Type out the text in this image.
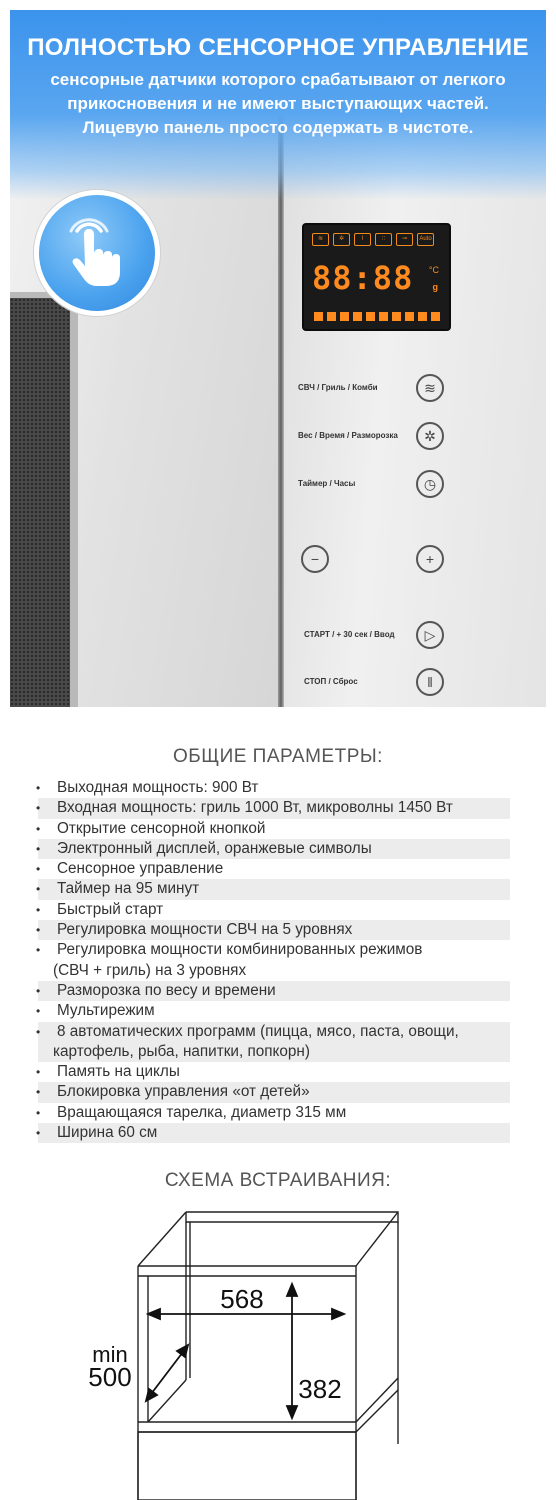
ПОЛНОСТЬЮ СЕНСОРНОЕ УПРАВЛЕНИЕ
сенсорные датчики которого срабатывают от легкого
прикосновения и не имеют выступающих частей.
Лицевую панель просто содержать в чистоте.
≋	✲	⌇	∷	⊸	Auto
88:88 °C
g
СВЧ / Гриль / Комби	≋
Вес / Время / Разморозка ✲
Таймер / Часы	◷
−	+
СТАРТ / + 30 сек / Ввод ▷
СТОП / Сброс	ǁ
ОБЩИЕ ПАРАМЕТРЫ:
• Выходная мощность: 900 Вт
• Входная мощность: гриль 1000 Вт, микроволны 1450 Вт
• Открытие сенсорной кнопкой
• Электронный дисплей, оранжевые символы
• Сенсорное управление
• Таймер на 95 минут
• Быстрый старт
• Регулировка мощности СВЧ на 5 уровнях
• Регулировка мощности комбинированных режимов
(СВЧ + гриль) на 3 уровнях
• Разморозка по весу и времени
• Мультирежим
• 8 автоматических программ (пицца, мясо, паста, овощи,
картофель, рыба, напитки, попкорн)
• Память на циклы
• Блокировка управления «от детей»
• Вращающаяся тарелка, диаметр 315 мм
• Ширина 60 см
СХЕМА ВСТРАИВАНИЯ:
568
382
min
500
